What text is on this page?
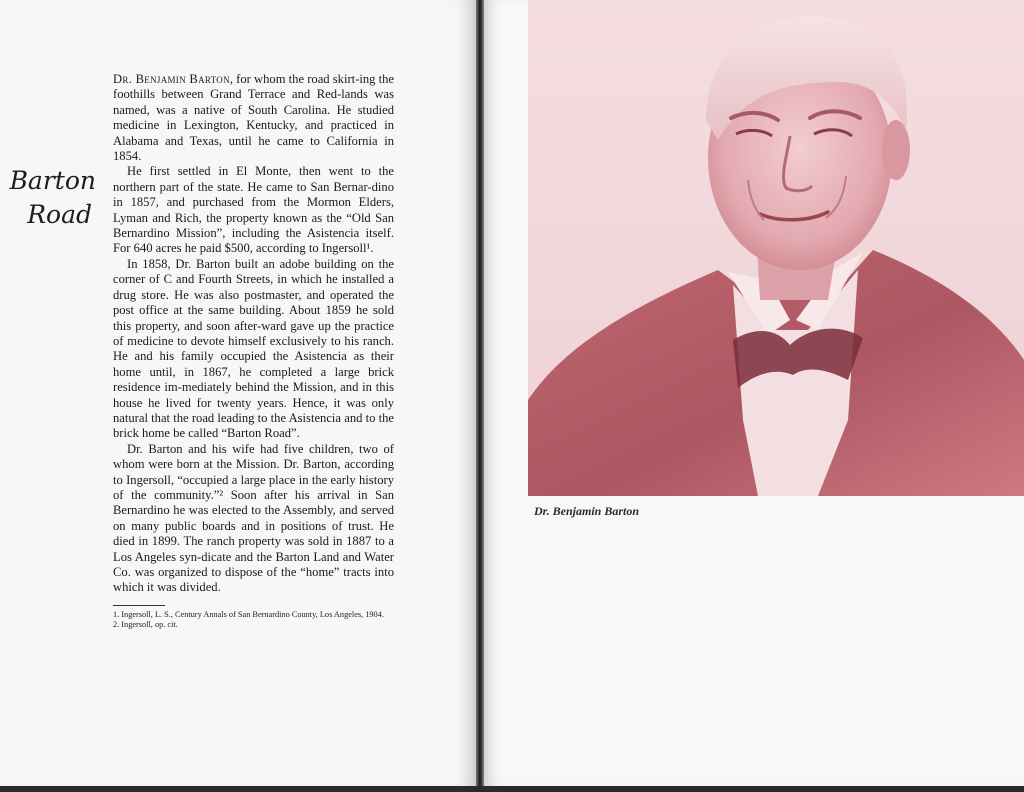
Barton
Road

Dr. Benjamin Barton, for whom the road skirt-ing the foothills between Grand Terrace and Red-lands was named, was a native of South Carolina. He studied medicine in Lexington, Kentucky, and practiced in Alabama and Texas, until he came to California in 1854.

He first settled in El Monte, then went to the northern part of the state. He came to San Bernar-dino in 1857, and purchased from the Mormon Elders, Lyman and Rich, the property known as the “Old San Bernardino Mission”, including the Asistencia itself. For 640 acres he paid $500, according to Ingersoll¹.

In 1858, Dr. Barton built an adobe building on the corner of C and Fourth Streets, in which he installed a drug store. He was also postmaster, and operated the post office at the same building. About 1859 he sold this property, and soon after-ward gave up the practice of medicine to devote himself exclusively to his ranch. He and his family occupied the Asistencia as their home until, in 1867, he completed a large brick residence im-mediately behind the Mission, and in this house he lived for twenty years. Hence, it was only natural that the road leading to the Asistencia and to the brick home be called “Barton Road”.

Dr. Barton and his wife had five children, two of whom were born at the Mission. Dr. Barton, according to Ingersoll, “occupied a large place in the early history of the community.”² Soon after his arrival in San Bernardino he was elected to the Assembly, and served on many public boards and in positions of trust. He died in 1899. The ranch property was sold in 1887 to a Los Angeles syn-dicate and the Barton Land and Water Co. was organized to dispose of the “home” tracts into which it was divided.

1. Ingersoll, L. S., Century Annals of San Bernardino County, Los Angeles, 1904.
2. Ingersoll, op. cit.
Dr. Benjamin Barton
